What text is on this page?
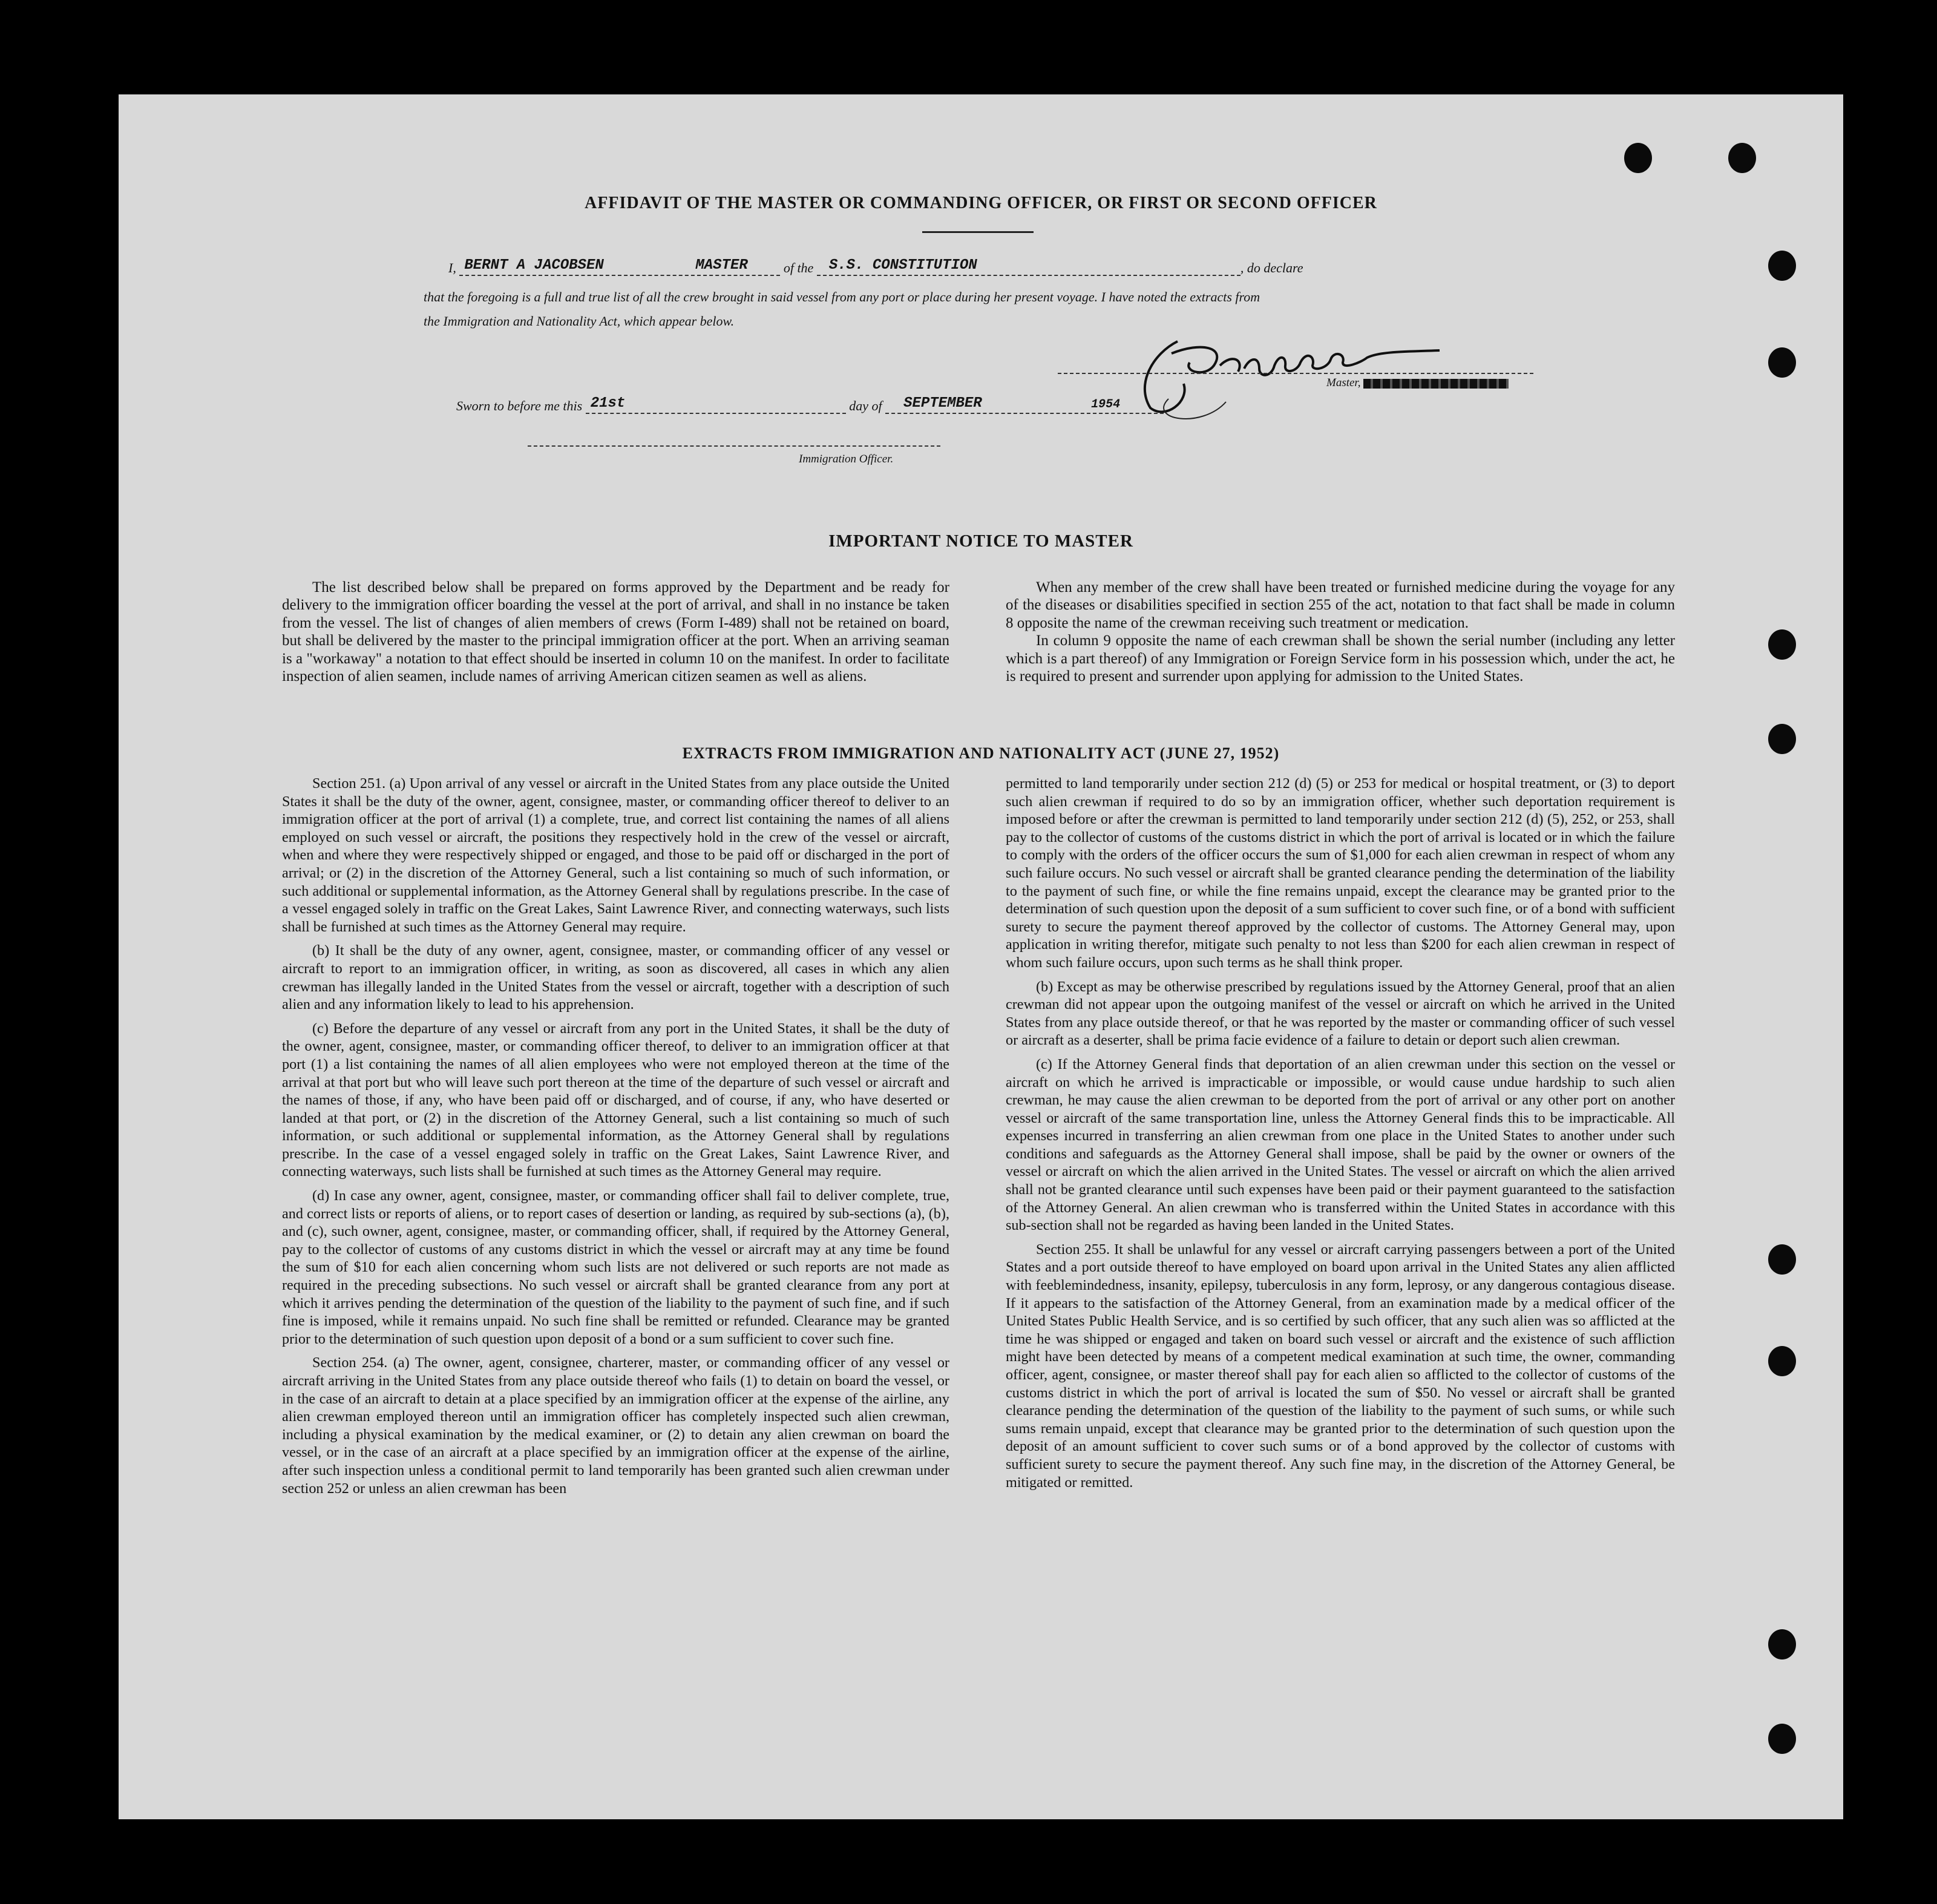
AFFIDAVIT OF THE MASTER OR COMMANDING OFFICER, OR FIRST OR SECOND OFFICER
I, BERNT A JACOBSEN	MASTER	of the S.S. CONSTITUTION	, do declare
that the foregoing is a full and true list of all the crew brought in said vessel from any port or place during her present voyage. I have noted the extracts from
the Immigration and Nationality Act, which appear below.
Master,
Sworn to before me this 21st	day of SEPTEMBER	1954
Immigration Officer.
IMPORTANT NOTICE TO MASTER

The list described below shall be prepared on forms approved by the Department and be ready for delivery to the immigration officer boarding the vessel at the port of arrival, and shall in no instance be taken from the vessel. The list of changes of alien members of crews (Form I-489) shall not be retained on board, but shall be delivered by the master to the principal immigration officer at the port. When an arriving seaman is a "workaway" a notation to that effect should be inserted in column 10 on the manifest. In order to facilitate inspection of alien seamen, include names of arriving American citizen seamen as well as aliens.

When any member of the crew shall have been treated or furnished medicine during the voyage for any of the diseases or disabilities specified in section 255 of the act, notation to that fact shall be made in column 8 opposite the name of the crewman receiving such treatment or medication.

In column 9 opposite the name of each crewman shall be shown the serial number (including any letter which is a part thereof) of any Immigration or Foreign Service form in his possession which, under the act, he is required to present and surrender upon applying for admission to the United States.

EXTRACTS FROM IMMIGRATION AND NATIONALITY ACT (JUNE 27, 1952)

Section 251. (a) Upon arrival of any vessel or aircraft in the United States from any place outside the United States it shall be the duty of the owner, agent, consignee, master, or commanding officer thereof to deliver to an immigration officer at the port of arrival (1) a complete, true, and correct list containing the names of all aliens employed on such vessel or aircraft, the positions they respectively hold in the crew of the vessel or aircraft, when and where they were respectively shipped or engaged, and those to be paid off or discharged in the port of arrival; or (2) in the discretion of the Attorney General, such a list containing so much of such information, or such additional or supplemental information, as the Attorney General shall by regulations prescribe. In the case of a vessel engaged solely in traffic on the Great Lakes, Saint Lawrence River, and connecting waterways, such lists shall be furnished at such times as the Attorney General may require.

(b) It shall be the duty of any owner, agent, consignee, master, or commanding officer of any vessel or aircraft to report to an immigration officer, in writing, as soon as discovered, all cases in which any alien crewman has illegally landed in the United States from the vessel or aircraft, together with a description of such alien and any information likely to lead to his apprehension.

(c) Before the departure of any vessel or aircraft from any port in the United States, it shall be the duty of the owner, agent, consignee, master, or commanding officer thereof, to deliver to an immigration officer at that port (1) a list containing the names of all alien employees who were not employed thereon at the time of the arrival at that port but who will leave such port thereon at the time of the departure of such vessel or aircraft and the names of those, if any, who have been paid off or discharged, and of course, if any, who have deserted or landed at that port, or (2) in the discretion of the Attorney General, such a list containing so much of such information, or such additional or supplemental information, as the Attorney General shall by regulations prescribe. In the case of a vessel engaged solely in traffic on the Great Lakes, Saint Lawrence River, and connecting waterways, such lists shall be furnished at such times as the Attorney General may require.

(d) In case any owner, agent, consignee, master, or commanding officer shall fail to deliver complete, true, and correct lists or reports of aliens, or to report cases of desertion or landing, as required by sub-sections (a), (b), and (c), such owner, agent, consignee, master, or commanding officer, shall, if required by the Attorney General, pay to the collector of customs of any customs district in which the vessel or aircraft may at any time be found the sum of $10 for each alien concerning whom such lists are not delivered or such reports are not made as required in the preceding subsections. No such vessel or aircraft shall be granted clearance from any port at which it arrives pending the determination of the question of the liability to the payment of such fine, and if such fine is imposed, while it remains unpaid. No such fine shall be remitted or refunded. Clearance may be granted prior to the determination of such question upon deposit of a bond or a sum sufficient to cover such fine.

Section 254. (a) The owner, agent, consignee, charterer, master, or commanding officer of any vessel or aircraft arriving in the United States from any place outside thereof who fails (1) to detain on board the vessel, or in the case of an aircraft to detain at a place specified by an immigration officer at the expense of the airline, any alien crewman employed thereon until an immigration officer has completely inspected such alien crewman, including a physical examination by the medical examiner, or (2) to detain any alien crewman on board the vessel, or in the case of an aircraft at a place specified by an immigration officer at the expense of the airline, after such inspection unless a conditional permit to land temporarily has been granted such alien crewman under section 252 or unless an alien crewman has been

permitted to land temporarily under section 212 (d) (5) or 253 for medical or hospital treatment, or (3) to deport such alien crewman if required to do so by an immigration officer, whether such deportation requirement is imposed before or after the crewman is permitted to land temporarily under section 212 (d) (5), 252, or 253, shall pay to the collector of customs of the customs district in which the port of arrival is located or in which the failure to comply with the orders of the officer occurs the sum of $1,000 for each alien crewman in respect of whom any such failure occurs. No such vessel or aircraft shall be granted clearance pending the determination of the liability to the payment of such fine, or while the fine remains unpaid, except the clearance may be granted prior to the determination of such question upon the deposit of a sum sufficient to cover such fine, or of a bond with sufficient surety to secure the payment thereof approved by the collector of customs. The Attorney General may, upon application in writing therefor, mitigate such penalty to not less than $200 for each alien crewman in respect of whom such failure occurs, upon such terms as he shall think proper.

(b) Except as may be otherwise prescribed by regulations issued by the Attorney General, proof that an alien crewman did not appear upon the outgoing manifest of the vessel or aircraft on which he arrived in the United States from any place outside thereof, or that he was reported by the master or commanding officer of such vessel or aircraft as a deserter, shall be prima facie evidence of a failure to detain or deport such alien crewman.

(c) If the Attorney General finds that deportation of an alien crewman under this section on the vessel or aircraft on which he arrived is impracticable or impossible, or would cause undue hardship to such alien crewman, he may cause the alien crewman to be deported from the port of arrival or any other port on another vessel or aircraft of the same transportation line, unless the Attorney General finds this to be impracticable. All expenses incurred in transferring an alien crewman from one place in the United States to another under such conditions and safeguards as the Attorney General shall impose, shall be paid by the owner or owners of the vessel or aircraft on which the alien arrived in the United States. The vessel or aircraft on which the alien arrived shall not be granted clearance until such expenses have been paid or their payment guaranteed to the satisfaction of the Attorney General. An alien crewman who is transferred within the United States in accordance with this sub-section shall not be regarded as having been landed in the United States.

Section 255. It shall be unlawful for any vessel or aircraft carrying passengers between a port of the United States and a port outside thereof to have employed on board upon arrival in the United States any alien afflicted with feeblemindedness, insanity, epilepsy, tuberculosis in any form, leprosy, or any dangerous contagious disease. If it appears to the satisfaction of the Attorney General, from an examination made by a medical officer of the United States Public Health Service, and is so certified by such officer, that any such alien was so afflicted at the time he was shipped or engaged and taken on board such vessel or aircraft and the existence of such affliction might have been detected by means of a competent medical examination at such time, the owner, commanding officer, agent, consignee, or master thereof shall pay for each alien so afflicted to the collector of customs of the customs district in which the port of arrival is located the sum of $50. No vessel or aircraft shall be granted clearance pending the determination of the question of the liability to the payment of such sums, or while such sums remain unpaid, except that clearance may be granted prior to the determination of such question upon the deposit of an amount sufficient to cover such sums or of a bond approved by the collector of customs with sufficient surety to secure the payment thereof. Any such fine may, in the discretion of the Attorney General, be mitigated or remitted.
